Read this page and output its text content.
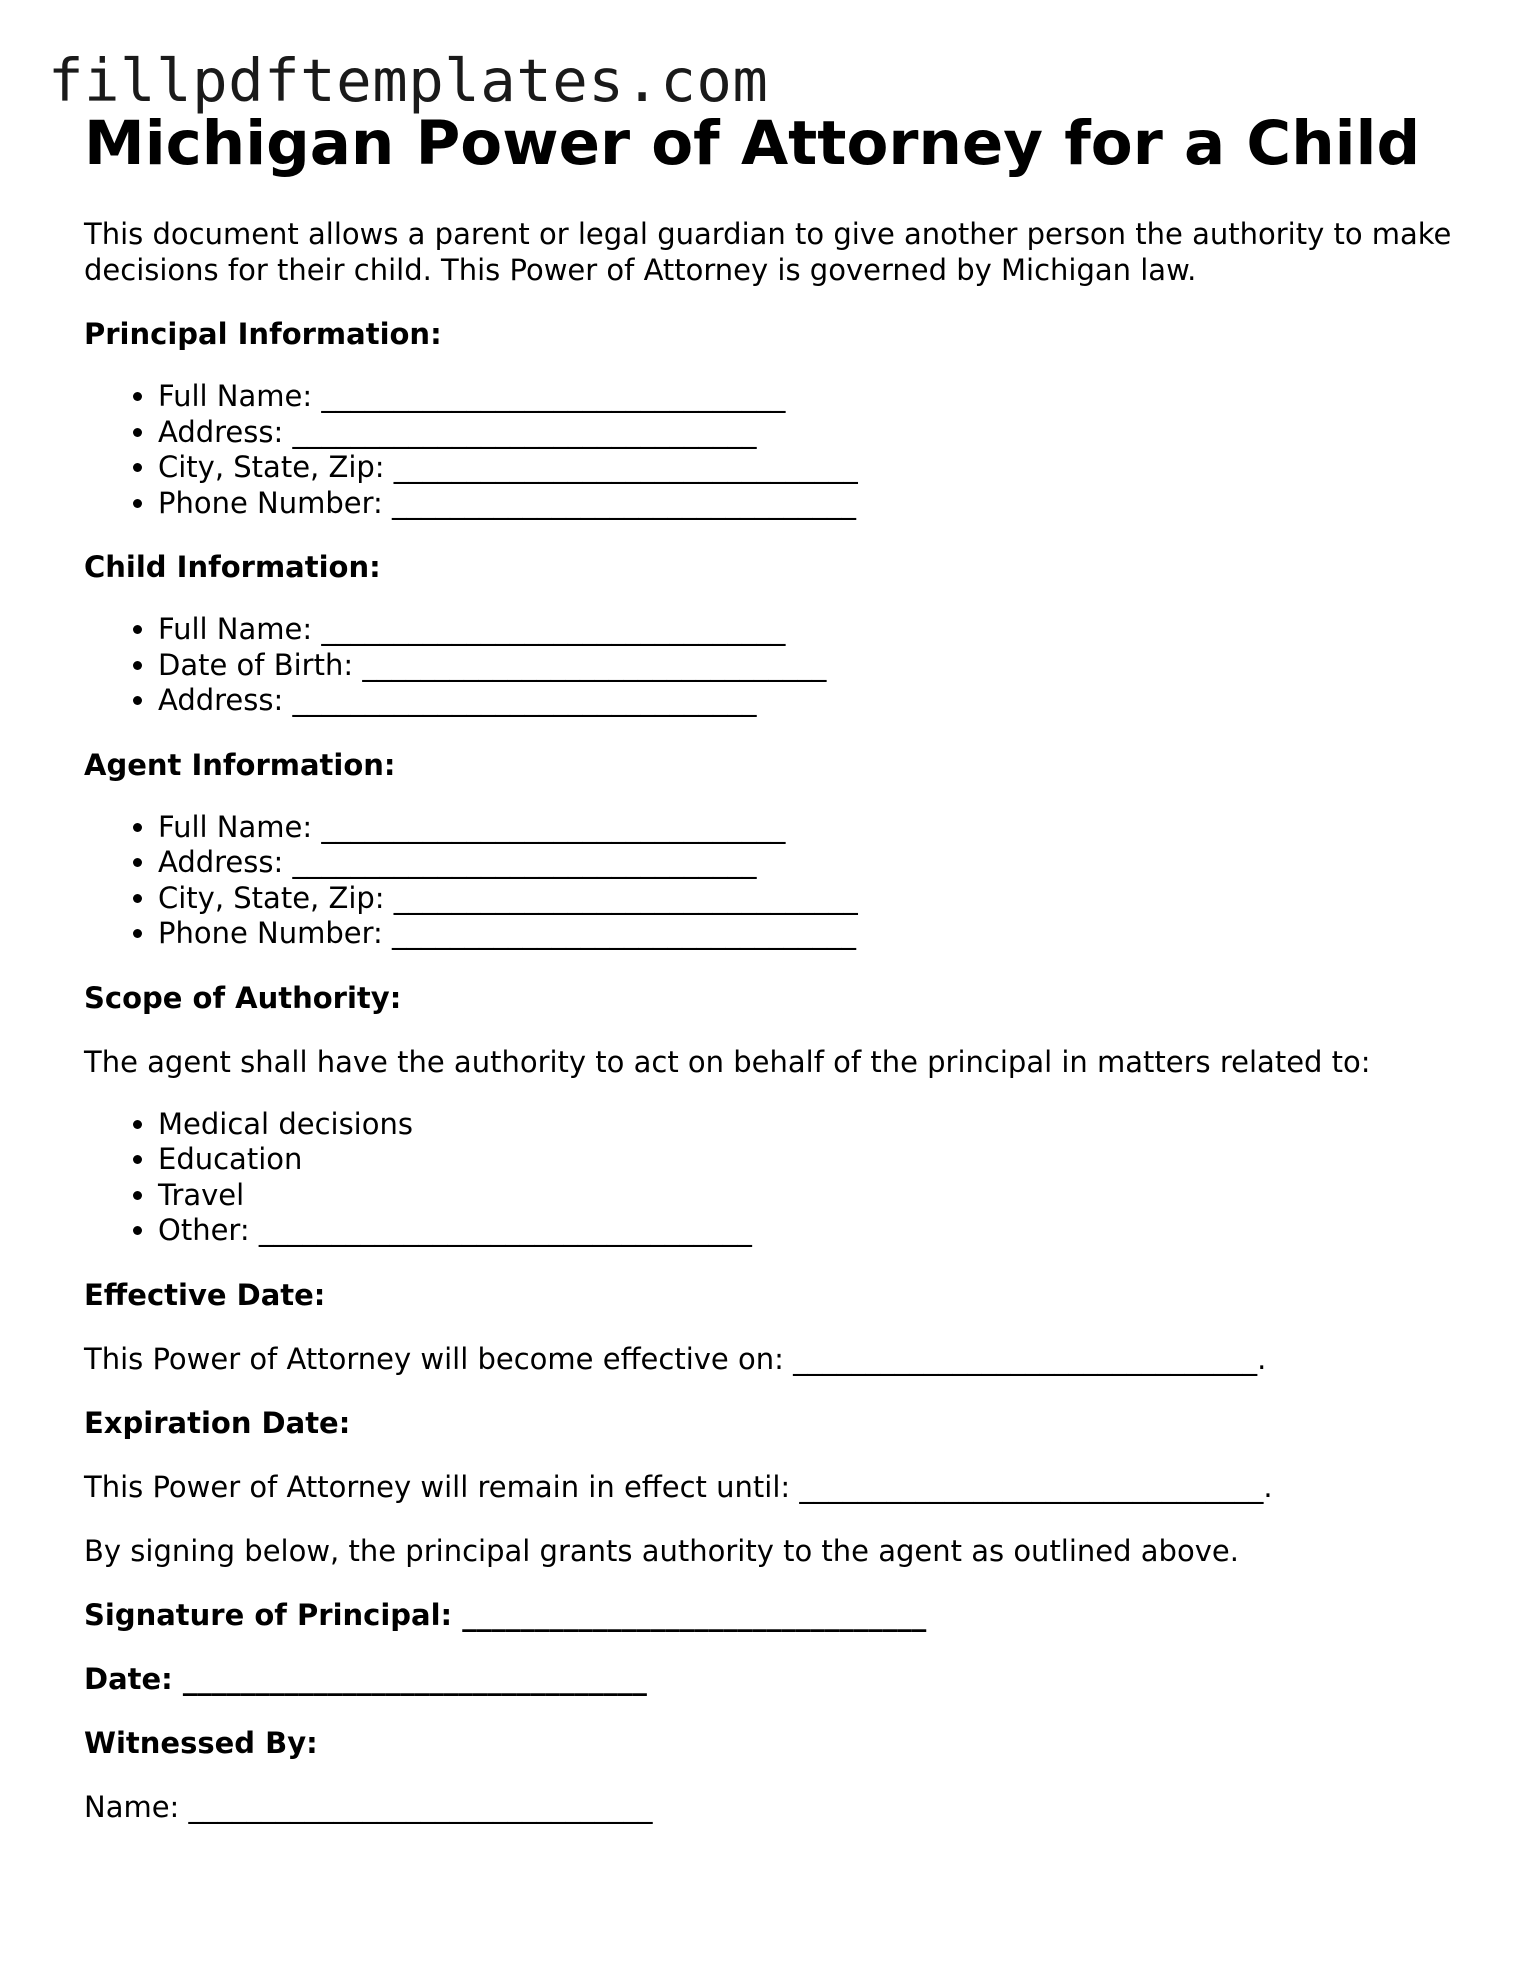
fillpdftemplates.com
Michigan Power of Attorney for a Child

This document allows a parent or legal guardian to give another person the authority to make decisions for their child. This Power of Attorney is governed by Michigan law.

Principal Information:

• Full Name: ________________________________
• Address: ________________________________
• City, State, Zip: ________________________________
• Phone Number: ________________________________

Child Information:

• Full Name: ________________________________
• Date of Birth: ________________________________
• Address: ________________________________

Agent Information:

• Full Name: ________________________________
• Address: ________________________________
• City, State, Zip: ________________________________
• Phone Number: ________________________________

Scope of Authority:

The agent shall have the authority to act on behalf of the principal in matters related to:

• Medical decisions
• Education
• Travel
• Other: __________________________________

Effective Date:

This Power of Attorney will become effective on: ________________________________.

Expiration Date:

This Power of Attorney will remain in effect until: ________________________________.

By signing below, the principal grants authority to the agent as outlined above.

Signature of Principal: ________________________________

Date: ________________________________

Witnessed By:

Name: ________________________________
